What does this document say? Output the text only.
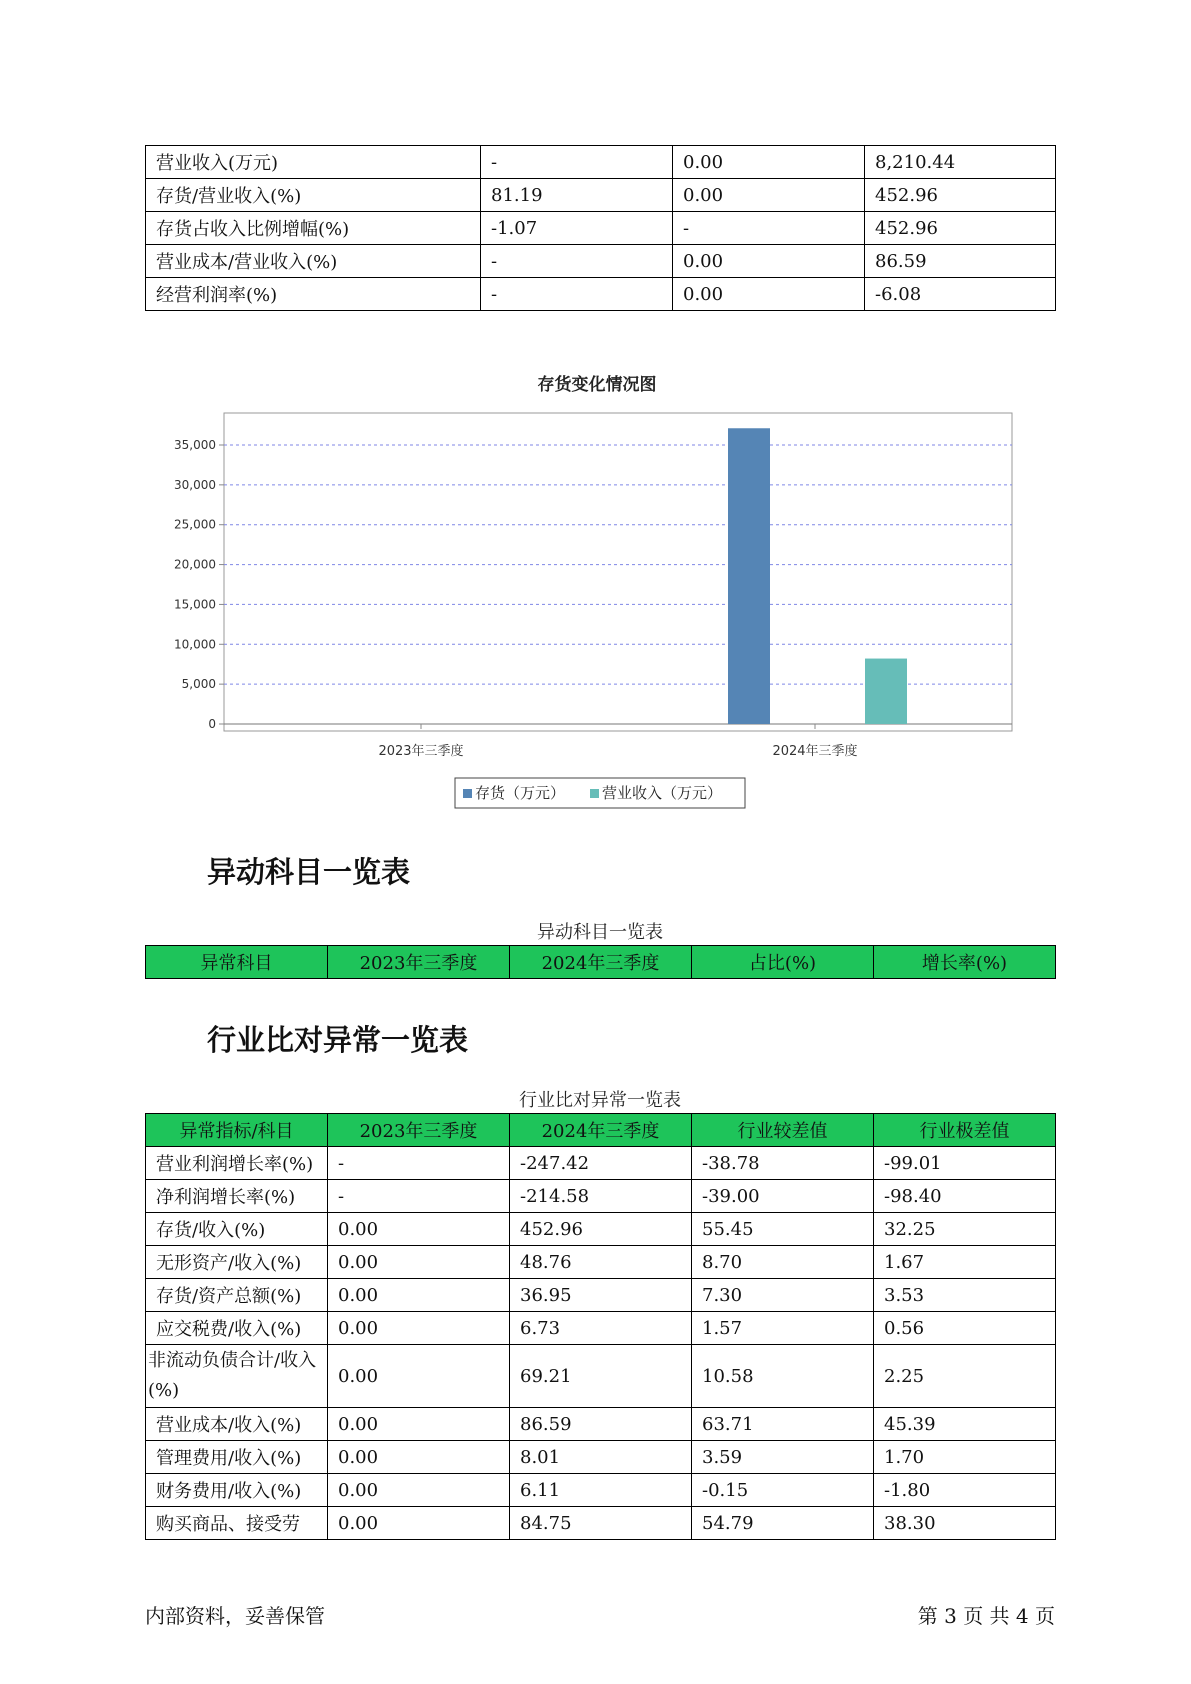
营业收入(万元)	-	0.00	8,210.44
存货/营业收入(%)	81.19	0.00	452.96
存货占收入比例增幅(%)	-1.07	-	452.96
营业成本/营业收入(%)	-	0.00	86.59
经营利润率(%)	-	0.00	-6.08
存货变化情况图
0
5,000
10,000
15,000
20,000
25,000
30,000
35,000
2023年三季度	2024年三季度
存货（万元） 营业收入（万元）
异动科目一览表
异动科目一览表
异常科目	2023年三季度	2024年三季度	占比(%)	增长率(%)
行业比对异常一览表
行业比对异常一览表
异常指标/科目	2023年三季度	2024年三季度	行业较差值	行业极差值
营业利润增长率(%)	-	-247.42	-38.78	-99.01
净利润增长率(%)	-	-214.58	-39.00	-98.40
存货/收入(%)	0.00	452.96	55.45	32.25
无形资产/收入(%)	0.00	48.76	8.70	1.67
存货/资产总额(%)	0.00	36.95	7.30	3.53
应交税费/收入(%)	0.00	6.73	1.57	0.56
非流动负债合计/收入(%)	0.00	69.21	10.58	2.25
营业成本/收入(%)	0.00	86.59	63.71	45.39
管理费用/收入(%)	0.00	8.01	3.59	1.70
财务费用/收入(%)	0.00	6.11	-0.15	-1.80
购买商品、接受劳	0.00	84.75	54.79	38.30
内部资料，妥善保管	第 3 页 共 4 页
